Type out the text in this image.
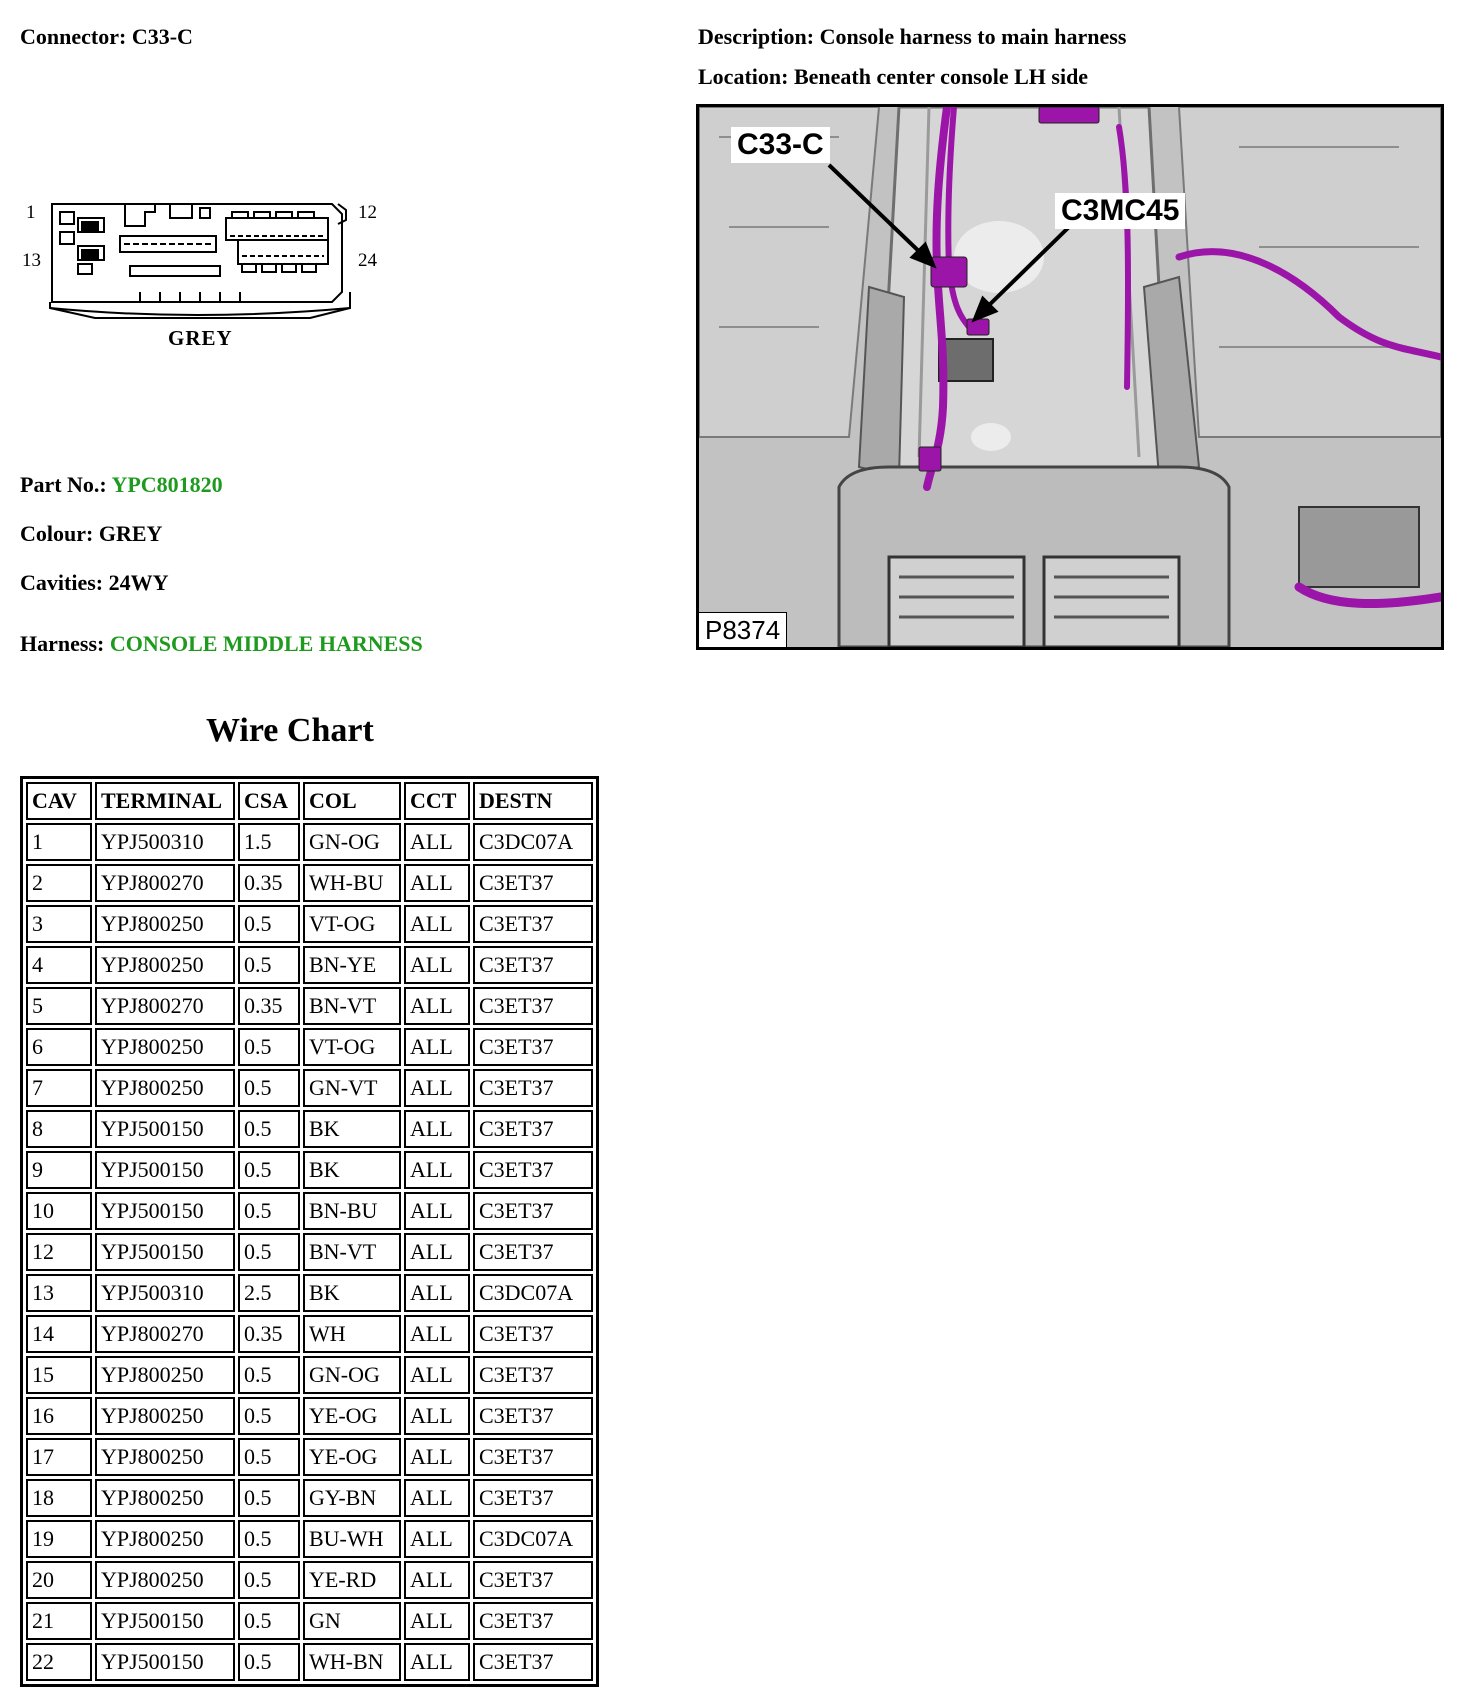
Connector: C33-C	Description: Console harness to main harness
Location: Beneath center console LH side
1	12
13	24
GREY
C33-C
C3MC45
P8374
Part No.: YPC801820
Colour: GREY
Cavities: 24WY
Harness: CONSOLE MIDDLE HARNESS
Wire Chart
CAV	TERMINAL	CSA	COL	CCT	DESTN
1	YPJ500310	1.5	GN-OG	ALL	C3DC07A
2	YPJ800270	0.35	WH-BU	ALL	C3ET37
3	YPJ800250	0.5	VT-OG	ALL	C3ET37
4	YPJ800250	0.5	BN-YE	ALL	C3ET37
5	YPJ800270	0.35	BN-VT	ALL	C3ET37
6	YPJ800250	0.5	VT-OG	ALL	C3ET37
7	YPJ800250	0.5	GN-VT	ALL	C3ET37
8	YPJ500150	0.5	BK	ALL	C3ET37
9	YPJ500150	0.5	BK	ALL	C3ET37
10	YPJ500150	0.5	BN-BU	ALL	C3ET37
12	YPJ500150	0.5	BN-VT	ALL	C3ET37
13	YPJ500310	2.5	BK	ALL	C3DC07A
14	YPJ800270	0.35	WH	ALL	C3ET37
15	YPJ800250	0.5	GN-OG	ALL	C3ET37
16	YPJ800250	0.5	YE-OG	ALL	C3ET37
17	YPJ800250	0.5	YE-OG	ALL	C3ET37
18	YPJ800250	0.5	GY-BN	ALL	C3ET37
19	YPJ800250	0.5	BU-WH	ALL	C3DC07A
20	YPJ800250	0.5	YE-RD	ALL	C3ET37
21	YPJ500150	0.5	GN	ALL	C3ET37
22	YPJ500150	0.5	WH-BN	ALL	C3ET37
